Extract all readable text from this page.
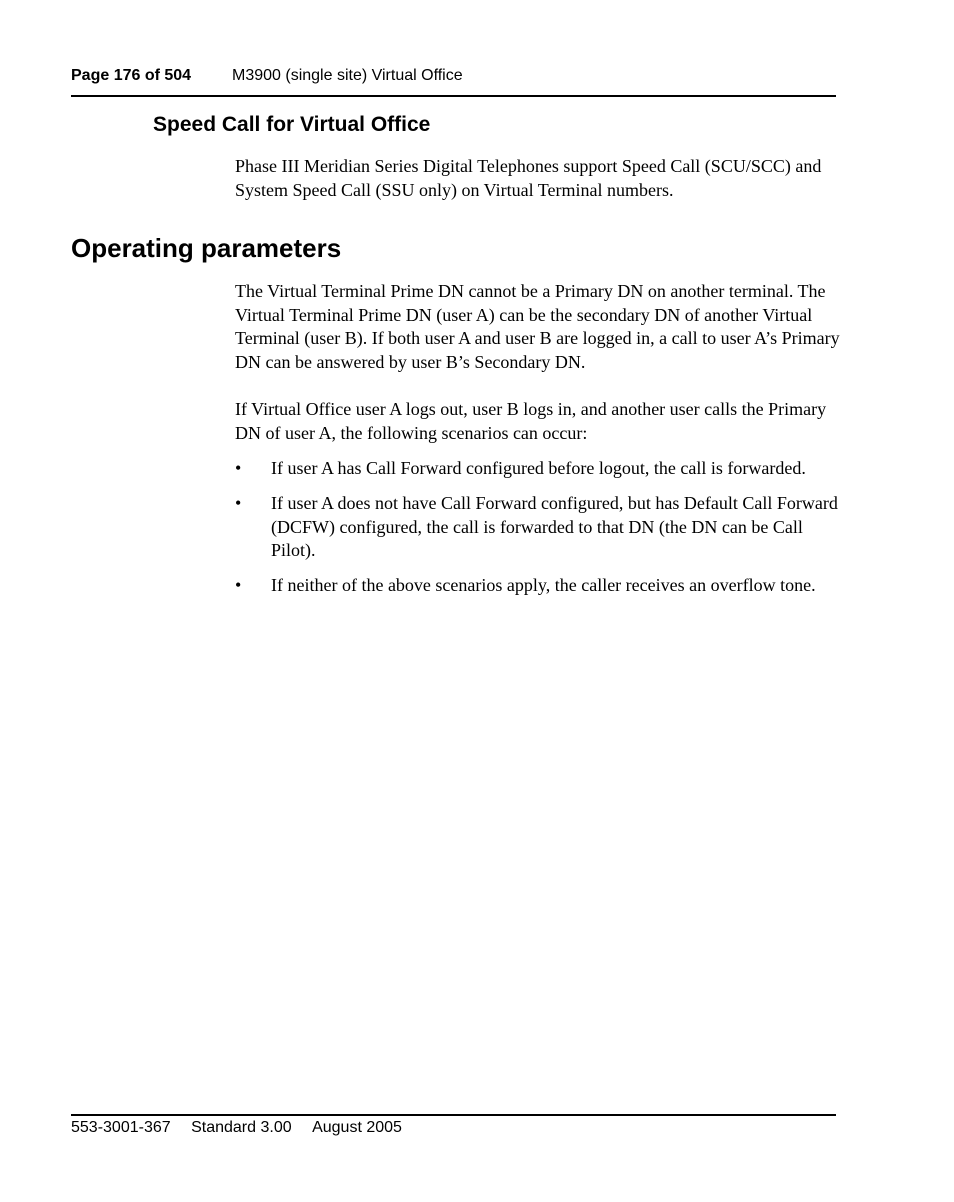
Page 176 of 504	M3900 (single site) Virtual Office
Speed Call for Virtual Office

Phase III Meridian Series Digital Telephones support Speed Call (SCU/SCC) and System Speed Call (SSU only) on Virtual Terminal numbers.

Operating parameters

The Virtual Terminal Prime DN cannot be a Primary DN on another terminal. The Virtual Terminal Prime DN (user A) can be the secondary DN of another Virtual Terminal (user B). If both user A and user B are logged in, a call to user A’s Primary DN can be answered by user B’s Secondary DN.

If Virtual Office user A logs out, user B logs in, and another user calls the Primary DN of user A, the following scenarios can occur:

• If user A has Call Forward configured before logout, the call is forwarded.
• If user A does not have Call Forward configured, but has Default Call Forward (DCFW) configured, the call is forwarded to that DN (the DN can be Call Pilot).
• If neither of the above scenarios apply, the caller receives an overflow tone.
553-3001-367 Standard 3.00 August 2005
